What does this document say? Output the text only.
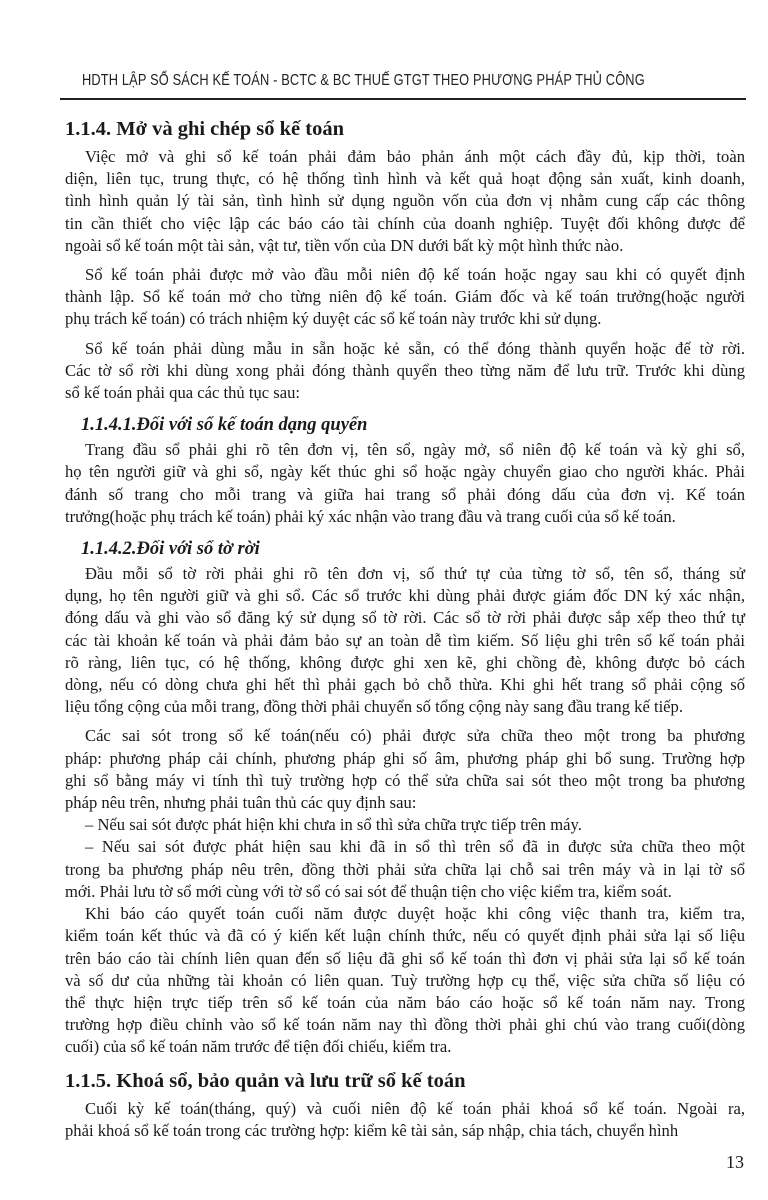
HDTH LẬP SỔ SÁCH KẾ TOÁN - BCTC & BC THUẾ GTGT THEO PHƯƠNG PHÁP THỦ CÔNG
1.1.4. Mở và ghi chép sổ kế toán
Việc mở và ghi sổ kế toán phải đảm bảo phản ánh một cách đầy đủ, kịp thời, toàn
diện, liên tục, trung thực, có hệ thống tình hình và kết quả hoạt động sản xuất, kinh doanh,
tình hình quản lý tài sản, tình hình sử dụng nguồn vốn của đơn vị nhằm cung cấp các thông
tin cần thiết cho việc lập các báo cáo tài chính của doanh nghiệp. Tuyệt đối không được để
ngoài sổ kế toán một tài sản, vật tư, tiền vốn của DN dưới bất kỳ một hình thức nào.
Sổ kế toán phải được mở vào đầu mỗi niên độ kế toán hoặc ngay sau khi có quyết định
thành lập. Sổ kế toán mở cho từng niên độ kế toán. Giám đốc và kế toán trưởng(hoặc người
phụ trách kế toán) có trách nhiệm ký duyệt các sổ kế toán này trước khi sử dụng.
Sổ kế toán phải dùng mẫu in sẵn hoặc kẻ sẵn, có thể đóng thành quyển hoặc để tờ rời.
Các tờ sổ rời khi dùng xong phải đóng thành quyển theo từng năm để lưu trữ. Trước khi dùng
sổ kế toán phải qua các thủ tục sau:
1.1.4.1.Đối với sổ kế toán dạng quyển
Trang đầu sổ phải ghi rõ tên đơn vị, tên sổ, ngày mở, sổ niên độ kế toán và kỳ ghi sổ,
họ tên người giữ và ghi sổ, ngày kết thúc ghi sổ hoặc ngày chuyển giao cho người khác. Phải
đánh số trang cho mỗi trang và giữa hai trang sổ phải đóng dấu của đơn vị. Kế toán
trưởng(hoặc phụ trách kế toán) phải ký xác nhận vào trang đầu và trang cuối của sổ kế toán.
1.1.4.2.Đối với sổ tờ rời
Đầu mỗi sổ tờ rời phải ghi rõ tên đơn vị, số thứ tự của từng tờ sổ, tên sổ, tháng sử
dụng, họ tên người giữ và ghi sổ. Các sổ trước khi dùng phải được giám đốc DN ký xác nhận,
đóng dấu và ghi vào sổ đăng ký sử dụng sổ tờ rời. Các sổ tờ rời phải được sắp xếp theo thứ tự
các tài khoản kế toán và phải đảm bảo sự an toàn dễ tìm kiếm. Số liệu ghi trên sổ kế toán phải
rõ ràng, liên tục, có hệ thống, không được ghi xen kẽ, ghi chồng đè, không được bỏ cách
dòng, nếu có dòng chưa ghi hết thì phải gạch bỏ chỗ thừa. Khi ghi hết trang sổ phải cộng số
liệu tổng cộng của mỗi trang, đồng thời phải chuyển số tổng cộng này sang đầu trang kế tiếp.
Các sai sót trong sổ kế toán(nếu có) phải được sửa chữa theo một trong ba phương
pháp: phương pháp cải chính, phương pháp ghi số âm, phương pháp ghi bổ sung. Trường hợp
ghi sổ bằng máy vi tính thì tuỳ trường hợp có thể sửa chữa sai sót theo một trong ba phương
pháp nêu trên, nhưng phải tuân thủ các quy định sau:
– Nếu sai sót được phát hiện khi chưa in sổ thì sửa chữa trực tiếp trên máy.
– Nếu sai sót được phát hiện sau khi đã in sổ thì trên sổ đã in được sửa chữa theo một
trong ba phương pháp nêu trên, đồng thời phải sửa chữa lại chỗ sai trên máy và in lại tờ sổ
mới. Phải lưu tờ sổ mới cùng với tờ sổ có sai sót để thuận tiện cho việc kiểm tra, kiểm soát.
Khi báo cáo quyết toán cuối năm được duyệt hoặc khi công việc thanh tra, kiểm tra,
kiểm toán kết thúc và đã có ý kiến kết luận chính thức, nếu có quyết định phải sửa lại số liệu
trên báo cáo tài chính liên quan đến số liệu đã ghi sổ kế toán thì đơn vị phải sửa lại sổ kế toán
và số dư của những tài khoản có liên quan. Tuỳ trường hợp cụ thể, việc sửa chữa số liệu có
thể thực hiện trực tiếp trên sổ kế toán của năm báo cáo hoặc sổ kế toán năm nay. Trong
trường hợp điều chỉnh vào sổ kế toán năm nay thì đồng thời phải ghi chú vào trang cuối(dòng
cuối) của sổ kế toán năm trước để tiện đối chiếu, kiểm tra.
1.1.5. Khoá sổ, bảo quản và lưu trữ sổ kế toán
Cuối kỳ kế toán(tháng, quý) và cuối niên độ kế toán phải khoá sổ kế toán. Ngoài ra,
phải khoá sổ kế toán trong các trường hợp: kiểm kê tài sản, sáp nhập, chia tách, chuyển hình
13
